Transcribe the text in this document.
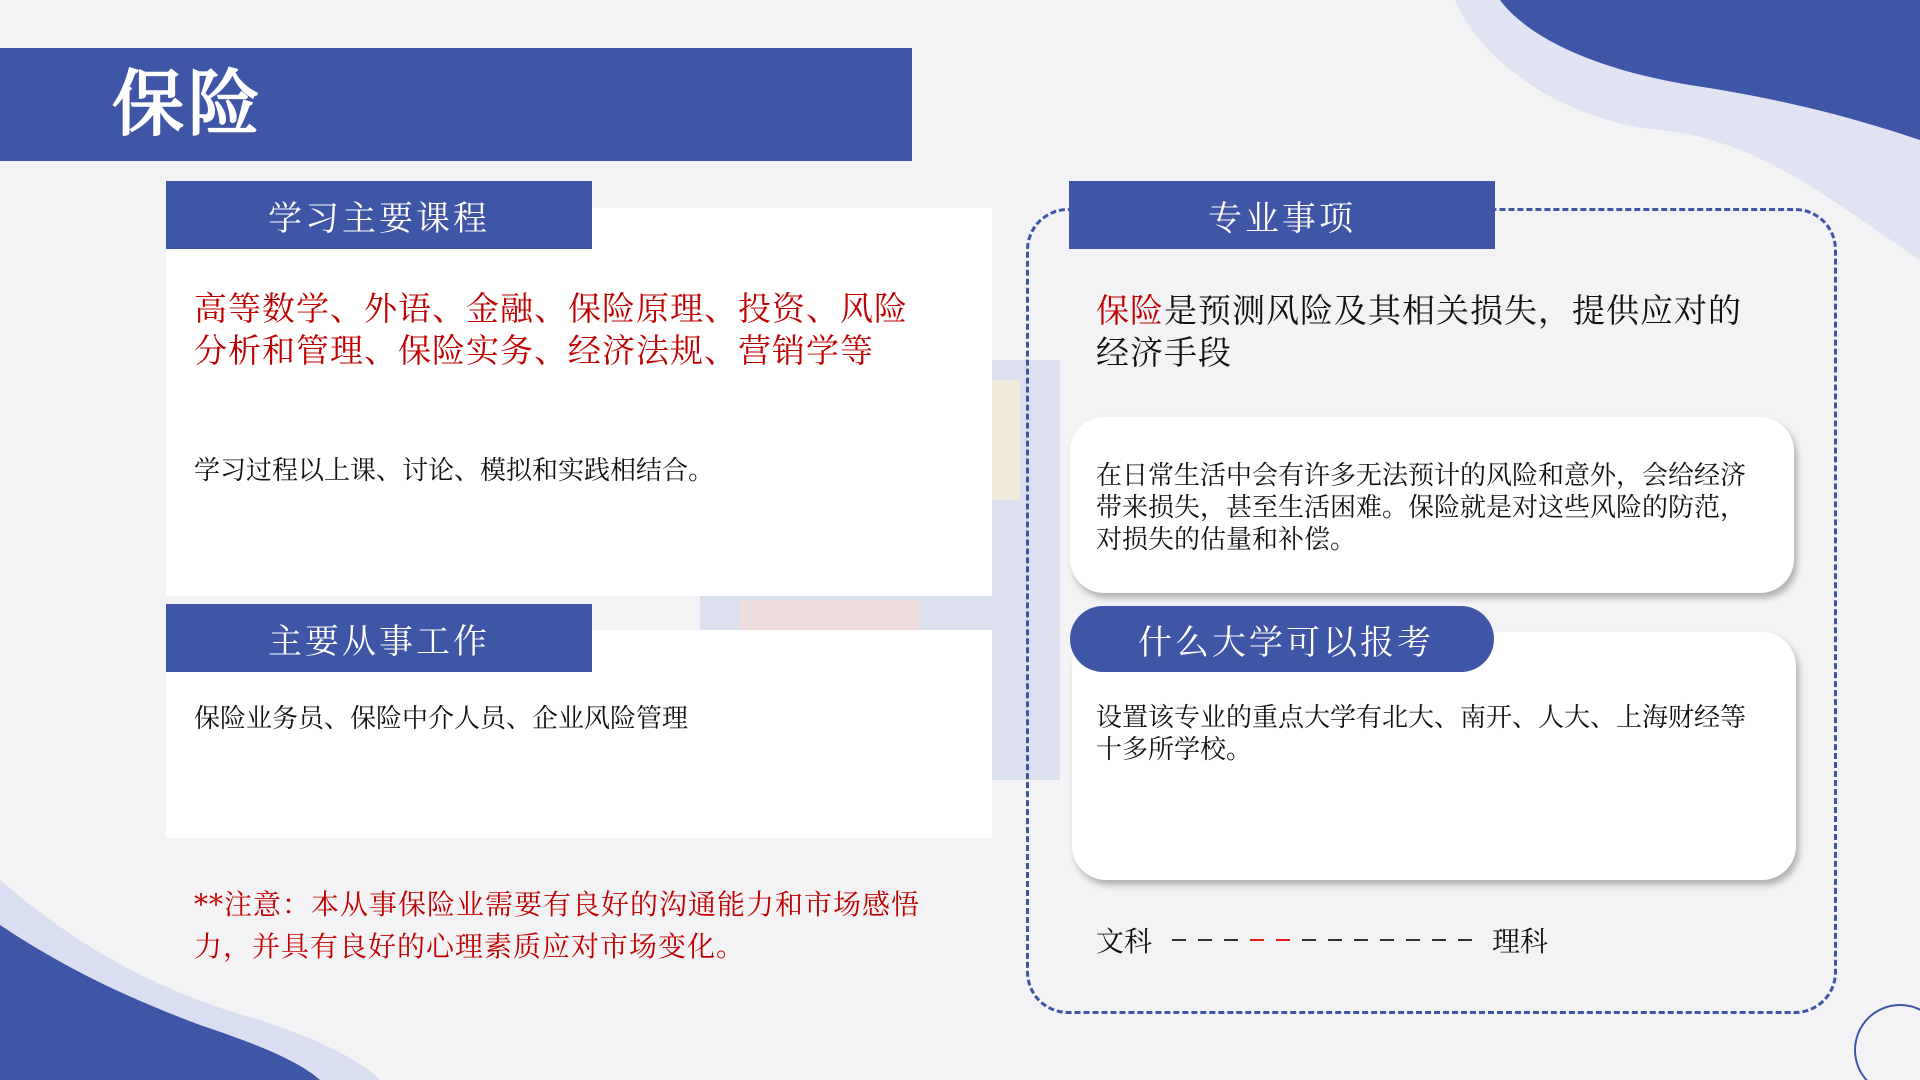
保险
学习主要课程
高等数学、外语、金融、保险原理、投资、风险分析和管理、保险实务、经济法规、营销学等
学习过程以上课、讨论、模拟和实践相结合。
主要从事工作
保险业务员、保险中介人员、企业风险管理
**注意：本从事保险业需要有良好的沟通能力和市场感悟力，并具有良好的心理素质应对市场变化。
专业事项
保险是预测风险及其相关损失，提供应对的经济手段
在日常生活中会有许多无法预计的风险和意外，会给经济带来损失，甚至生活困难。保险就是对这些风险的防范，对损失的估量和补偿。
什么大学可以报考
设置该专业的重点大学有北大、南开、人大、上海财经等十多所学校。
文科	理科
